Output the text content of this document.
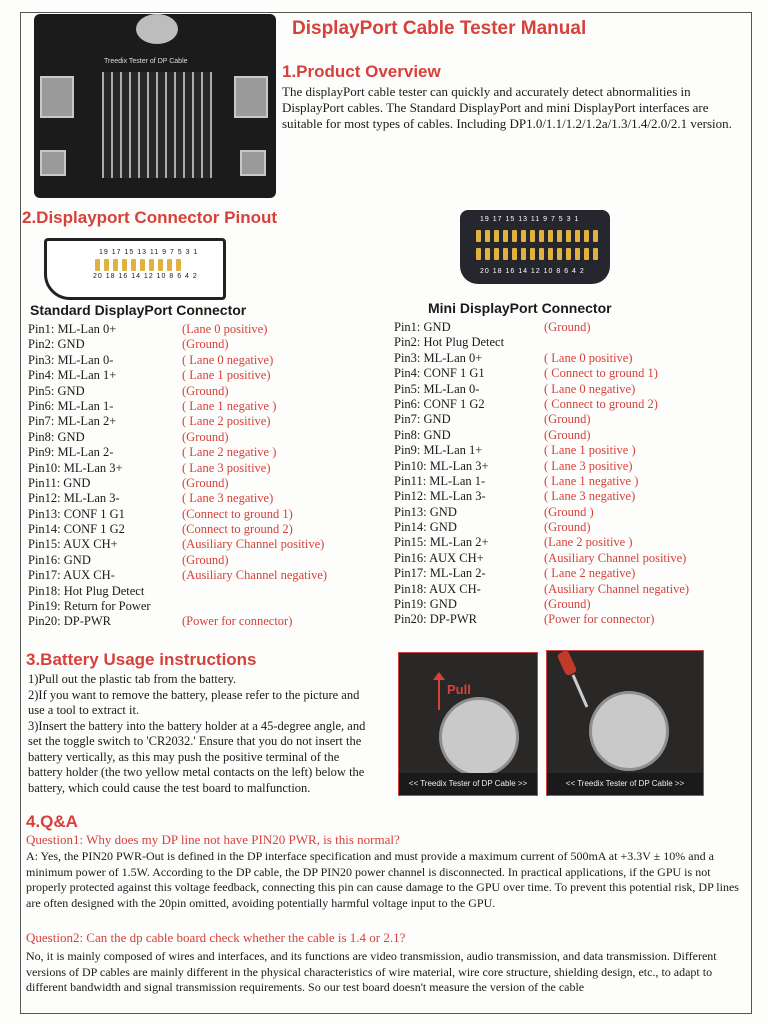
Treedix Tester of DP Cable
DisplayPort Cable Tester Manual
1.Product Overview
The displayPort cable tester can quickly and accurately detect abnormalities in DisplayPort cables. The Standard DisplayPort and mini DisplayPort interfaces are suitable for most types of cables. Including DP1.0/1.1/1.2/1.2a/1.3/1.4/2.0/2.1 version.
2.Displayport Connector Pinout
19 17 15 13 11 9 7 5 3 1
20 18 16 14 12 10 8 6 4 2
19 17 15 13 11 9 7 5 3 1
20 18 16 14 12 10 8 6 4 2
Standard DisplayPort Connector	Mini DisplayPort Connector
Pin1: ML-Lan 0+	(Lane 0 positive)
Pin2: GND	(Ground)
Pin3: ML-Lan 0-	( Lane 0 negative)
Pin4: ML-Lan 1+	( Lane 1 positive)
Pin5: GND	(Ground)
Pin6: ML-Lan 1-	( Lane 1 negative )
Pin7: ML-Lan 2+	( Lane 2 positive)
Pin8: GND	(Ground)
Pin9: ML-Lan 2-	( Lane 2 negative )
Pin10: ML-Lan 3+	( Lane 3 positive)
Pin11: GND	(Ground)
Pin12: ML-Lan 3-	( Lane 3 negative)
Pin13: CONF 1 G1	(Connect to ground 1)
Pin14: CONF 1 G2	(Connect to ground 2)
Pin15: AUX CH+	(Ausiliary Channel positive)
Pin16: GND	(Ground)
Pin17: AUX CH-	(Ausiliary Channel negative)
Pin18: Hot Plug Detect
Pin19: Return for Power
Pin20: DP-PWR	(Power for connector)
Pin1: GND	(Ground)
Pin2: Hot Plug Detect
Pin3: ML-Lan 0+	( Lane 0 positive)
Pin4: CONF 1 G1	( Connect to ground 1)
Pin5: ML-Lan 0-	( Lane 0 negative)
Pin6: CONF 1 G2	( Connect to ground 2)
Pin7: GND	(Ground)
Pin8: GND	(Ground)
Pin9: ML-Lan 1+	( Lane 1 positive )
Pin10: ML-Lan 3+	( Lane 3 positive)
Pin11: ML-Lan 1-	( Lane 1 negative )
Pin12: ML-Lan 3-	( Lane 3 negative)
Pin13: GND	(Ground )
Pin14: GND	(Ground)
Pin15: ML-Lan 2+	(Lane 2 positive )
Pin16: AUX CH+	(Ausiliary Channel positive)
Pin17: ML-Lan 2-	( Lane 2 negative)
Pin18: AUX CH-	(Ausiliary Channel negative)
Pin19: GND	(Ground)
Pin20: DP-PWR	(Power for connector)
3.Battery Usage instructions
1)Pull out the plastic tab from the battery.
2)If you want to remove the battery, please refer to the picture and use a tool to extract it.
3)Insert the battery into the battery holder at a 45-degree angle, and set the toggle switch to 'CR2032.' Ensure that you do not insert the battery vertically, as this may push the positive terminal of the battery holder (the two yellow metal contacts on the left) below the battery, which could cause the test board to malfunction.	<< Treedix Tester of DP Cable >>
Pull
<< Treedix Tester of DP Cable >>
4.Q&A
Question1: Why does my DP line not have PIN20 PWR, is this normal?
A: Yes, the PIN20 PWR-Out is defined in the DP interface specification and must provide a maximum current of 500mA at +3.3V ± 10% and a minimum power of 1.5W. According to the DP cable, the DP PIN20 power channel is disconnected. In practical applications, if the GPU is not properly protected against this voltage feedback, connecting this pin can cause damage to the GPU over time. To prevent this potential risk, DP lines are often designed with the 20pin omitted, avoiding potentially harmful voltage input to the GPU.
Question2: Can the dp cable board check whether the cable is 1.4 or 2.1?
No, it is mainly composed of wires and interfaces, and its functions are video transmission, audio transmission, and data transmission. Different versions of DP cables are mainly different in the physical characteristics of wire material, wire core structure, shielding design, etc., to adapt to different bandwidth and signal transmission requirements. So our test board doesn't measure the version of the cable
